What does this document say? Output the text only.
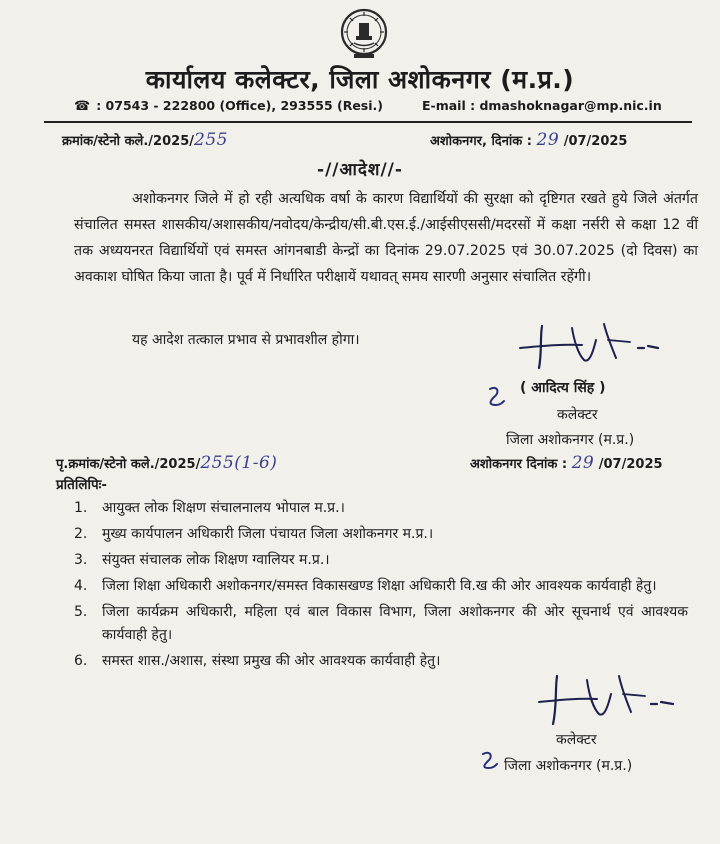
कार्यालय कलेक्टर, जिला अशोकनगर (म.प्र.)
☎ : 07543 - 222800 (Office), 293555 (Resi.)	E-mail : dmashoknagar@mp.nic.in
क्रमांक/स्टेनो कले./2025/255	अशोकनगर, दिनांक : 29 /07/2025
-//आदेश//-

अशोकनगर जिले में हो रही अत्यधिक वर्षा के कारण विद्यार्थियों की सुरक्षा को दृष्टिगत रखते हुये जिले अंतर्गत संचालित समस्त शासकीय/अशासकीय/नवोदय/केन्द्रीय/सी.बी.एस.ई./आईसीएससी/मदरसों में कक्षा नर्सरी से कक्षा 12 वीं तक अध्ययनरत विद्यार्थियों एवं समस्त आंगनबाडी केन्द्रों का दिनांक 29.07.2025 एवं 30.07.2025 (दो दिवस) का अवकाश घोषित किया जाता है। पूर्व में निर्धारित परीक्षायें यथावत् समय सारणी अनुसार संचालित रहेंगी।

यह आदेश तत्काल प्रभाव से प्रभावशील होगा।
( आदित्य सिंह )
कलेक्टर
जिला अशोकनगर (म.प्र.)
पृ.क्रमांक/स्टेनो कले./2025/255(1-6)	अशोकनगर दिनांक : 29 /07/2025
प्रतिलिपिः-
1.	आयुक्त लोक शिक्षण संचालनालय भोपाल म.प्र.।
2.	मुख्य कार्यपालन अधिकारी जिला पंचायत जिला अशोकनगर म.प्र.।
3.	संयुक्त संचालक लोक शिक्षण ग्वालियर म.प्र.।
4.	जिला शिक्षा अधिकारी अशोकनगर/समस्त विकासखण्ड शिक्षा अधिकारी वि.ख की ओर आवश्यक कार्यवाही हेतु।
5.	जिला कार्यक्रम अधिकारी, महिला एवं बाल विकास विभाग, जिला अशोकनगर की ओर सूचनार्थ एवं आवश्यक कार्यवाही हेतु।
6.	समस्त शास./अशास, संस्था प्रमुख की ओर आवश्यक कार्यवाही हेतु।
कलेक्टर
जिला अशोकनगर (म.प्र.)
